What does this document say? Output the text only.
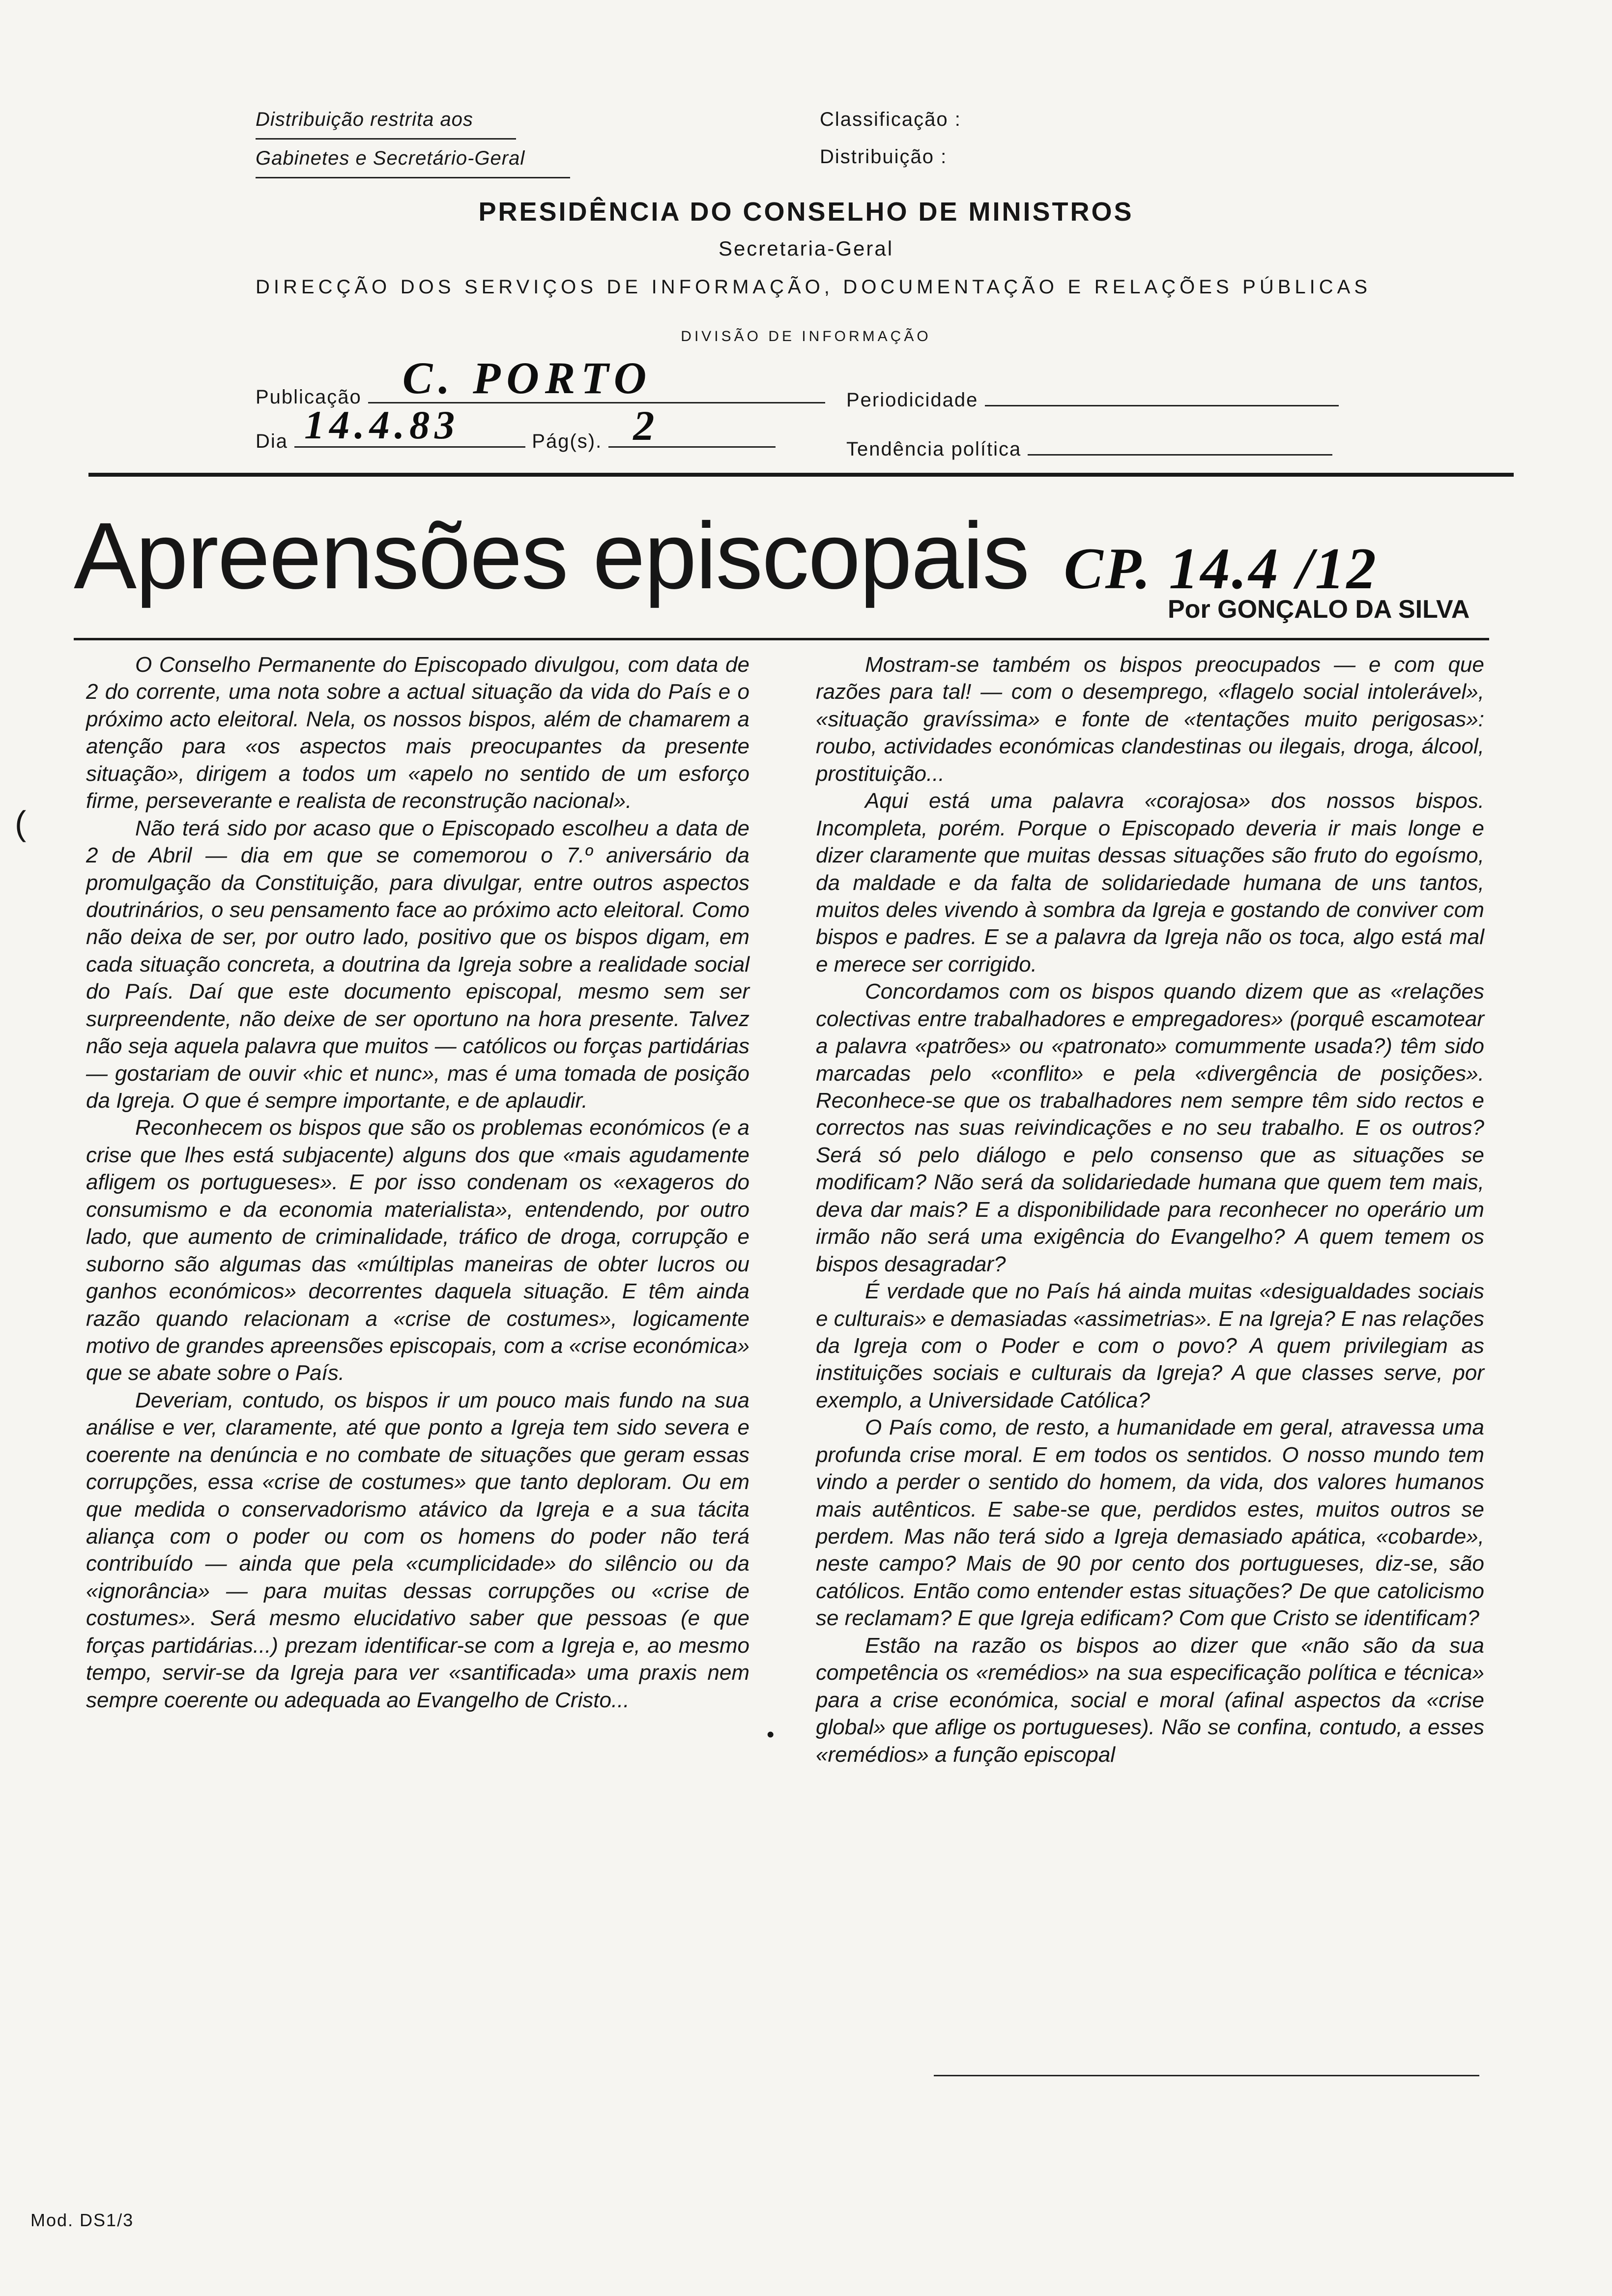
Distribuição restrita aos
Gabinetes e Secretário-Geral
Classificação :
Distribuição :
PRESIDÊNCIA DO CONSELHO DE MINISTROS
Secretaria-Geral
DIRECÇÃO DOS SERVIÇOS DE INFORMAÇÃO, DOCUMENTAÇÃO E RELAÇÕES PÚBLICAS
DIVISÃO DE INFORMAÇÃO
Publicação C. PORTO	Periodicidade
Dia 14.4.83	Pág(s). 2	Tendência política
Apreensões episcopais CP. 14.4 /12
Por GONÇALO DA SILVA

O Conselho Permanente do Episcopado divulgou, com data de 2 do corrente, uma nota sobre a actual situação da vida do País e o próximo acto eleitoral. Nela, os nossos bispos, além de chamarem a atenção para «os aspectos mais preocupantes da presente situação», dirigem a todos um «apelo no sentido de um esforço firme, perseverante e realista de reconstrução nacional».

Não terá sido por acaso que o Episcopado escolheu a data de 2 de Abril — dia em que se comemorou o 7.º aniversário da promulgação da Constituição, para divulgar, entre outros aspectos doutrinários, o seu pensamento face ao próximo acto eleitoral. Como não deixa de ser, por outro lado, positivo que os bispos digam, em cada situação concreta, a doutrina da Igreja sobre a realidade social do País. Daí que este documento episcopal, mesmo sem ser surpreendente, não deixe de ser oportuno na hora presente. Talvez não seja aquela palavra que muitos — católicos ou forças partidárias — gostariam de ouvir «hic et nunc», mas é uma tomada de posição da Igreja. O que é sempre importante, e de aplaudir.

Reconhecem os bispos que são os problemas económicos (e a crise que lhes está subjacente) alguns dos que «mais agudamente afligem os portugueses». E por isso condenam os «exageros do consumismo e da economia materialista», entendendo, por outro lado, que aumento de criminalidade, tráfico de droga, corrupção e suborno são algumas das «múltiplas maneiras de obter lucros ou ganhos económicos» decorrentes daquela situação. E têm ainda razão quando relacionam a «crise de costumes», logicamente motivo de grandes apreensões episcopais, com a «crise económica» que se abate sobre o País.

Deveriam, contudo, os bispos ir um pouco mais fundo na sua análise e ver, claramente, até que ponto a Igreja tem sido severa e coerente na denúncia e no combate de situações que geram essas corrupções, essa «crise de costumes» que tanto deploram. Ou em que medida o conservadorismo atávico da Igreja e a sua tácita aliança com o poder ou com os homens do poder não terá contribuído — ainda que pela «cumplicidade» do silêncio ou da «ignorância» — para muitas dessas corrupções ou «crise de costumes». Será mesmo elucidativo saber que pessoas (e que forças partidárias...) prezam identificar-se com a Igreja e, ao mesmo tempo, servir-se da Igreja para ver «santificada» uma praxis nem sempre coerente ou adequada ao Evangelho de Cristo...

Mostram-se também os bispos preocupados — e com que razões para tal! — com o desemprego, «flagelo social intolerável», «situação gravíssima» e fonte de «tentações muito perigosas»: roubo, actividades económicas clandestinas ou ilegais, droga, álcool, prostituição...

Aqui está uma palavra «corajosa» dos nossos bispos. Incompleta, porém. Porque o Episcopado deveria ir mais longe e dizer claramente que muitas dessas situações são fruto do egoísmo, da maldade e da falta de solidariedade humana de uns tantos, muitos deles vivendo à sombra da Igreja e gostando de conviver com bispos e padres. E se a palavra da Igreja não os toca, algo está mal e merece ser corrigido.

Concordamos com os bispos quando dizem que as «relações colectivas entre trabalhadores e empregadores» (porquê escamotear a palavra «patrões» ou «patronato» comummente usada?) têm sido marcadas pelo «conflito» e pela «divergência de posições». Reconhece-se que os trabalhadores nem sempre têm sido rectos e correctos nas suas reivindicações e no seu trabalho. E os outros? Será só pelo diálogo e pelo consenso que as situações se modificam? Não será da solidariedade humana que quem tem mais, deva dar mais? E a disponibilidade para reconhecer no operário um irmão não será uma exigência do Evangelho? A quem temem os bispos desagradar?

É verdade que no País há ainda muitas «desigualdades sociais e culturais» e demasiadas «assimetrias». E na Igreja? E nas relações da Igreja com o Poder e com o povo? A quem privilegiam as instituições sociais e culturais da Igreja? A que classes serve, por exemplo, a Universidade Católica?

O País como, de resto, a humanidade em geral, atravessa uma profunda crise moral. E em todos os sentidos. O nosso mundo tem vindo a perder o sentido do homem, da vida, dos valores humanos mais autênticos. E sabe-se que, perdidos estes, muitos outros se perdem. Mas não terá sido a Igreja demasiado apática, «cobarde», neste campo? Mais de 90 por cento dos portugueses, diz-se, são católicos. Então como entender estas situações? De que catolicismo se reclamam? E que Igreja edificam? Com que Cristo se identificam?

Estão na razão os bispos ao dizer que «não são da sua competência os «remédios» na sua especificação política e técnica» para a crise económica, social e moral (afinal aspectos da «crise global» que aflige os portugueses). Não se confina, contudo, a esses «remédios» a função episcopal

(
•
Mod. DS1/3
